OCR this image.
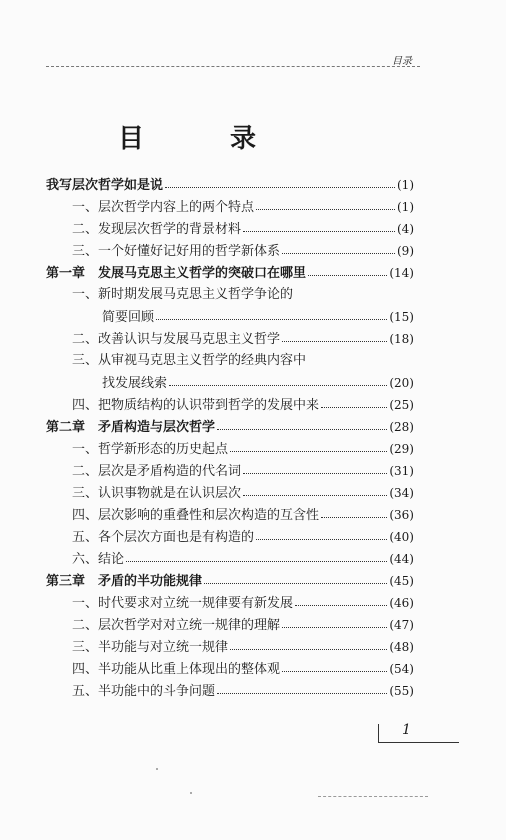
目录
目	录
我写层次哲学如是说	(1)
一、层次哲学内容上的两个特点	(1)
二、发现层次哲学的背景材料	(4)
三、一个好懂好记好用的哲学新体系	(9)
第一章　发展马克思主义哲学的突破口在哪里	(14)
一、新时期发展马克思主义哲学争论的
简要回顾	(15)
二、改善认识与发展马克思主义哲学	(18)
三、从审视马克思主义哲学的经典内容中
找发展线索	(20)
四、把物质结构的认识带到哲学的发展中来	(25)
第二章　矛盾构造与层次哲学	(28)
一、哲学新形态的历史起点	(29)
二、层次是矛盾构造的代名词	(31)
三、认识事物就是在认识层次	(34)
四、层次影响的重叠性和层次构造的互含性	(36)
五、各个层次方面也是有构造的	(40)
六、结论	(44)
第三章　矛盾的半功能规律	(45)
一、时代要求对立统一规律要有新发展	(46)
二、层次哲学对对立统一规律的理解	(47)
三、半功能与对立统一规律	(48)
四、半功能从比重上体现出的整体观	(54)
五、半功能中的斗争问题	(55)
1
